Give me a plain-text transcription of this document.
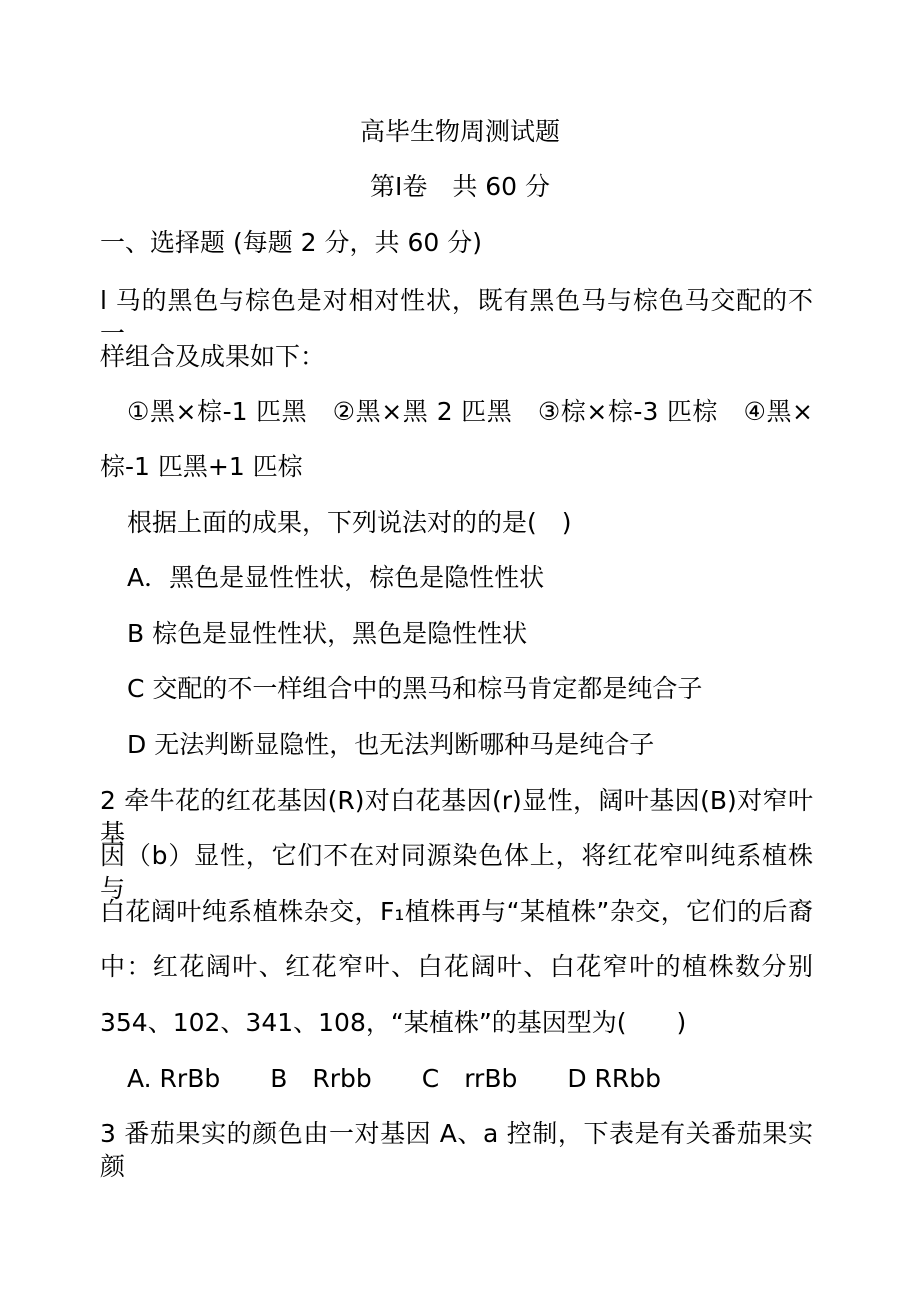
高毕生物周测试题
第I卷　共 60 分
一、选择题 (每题 2 分，共 60 分)
l 马的黑色与棕色是对相对性状，既有黑色马与棕色马交配的不一
样组合及成果如下：
①黑×棕-1 匹黑　②黑×黑 2 匹黑　③棕×棕-3 匹棕　④黑×
棕-1 匹黑+1 匹棕
根据上面的成果，下列说法对的的是(　)
A．黑色是显性性状，棕色是隐性性状
B 棕色是显性性状，黑色是隐性性状
C 交配的不一样组合中的黑马和棕马肯定都是纯合子
D 无法判断显隐性，也无法判断哪种马是纯合子
2 牵牛花的红花基因(R)对白花基因(r)显性，阔叶基因(B)对窄叶基
因（b）显性，它们不在对同源染色体上，将红花窄叫纯系植株与
白花阔叶纯系植株杂交，F₁植株再与“某植株”杂交，它们的后裔
中：红花阔叶、红花窄叶、白花阔叶、白花窄叶的植株数分别
354、102、341、108，“某植株”的基因型为(　　)
A. RrBb　　B　Rrbb　　C　rrBb　　D RRbb
3 番茄果实的颜色由一对基因 A、a 控制，下表是有关番茄果实颜
